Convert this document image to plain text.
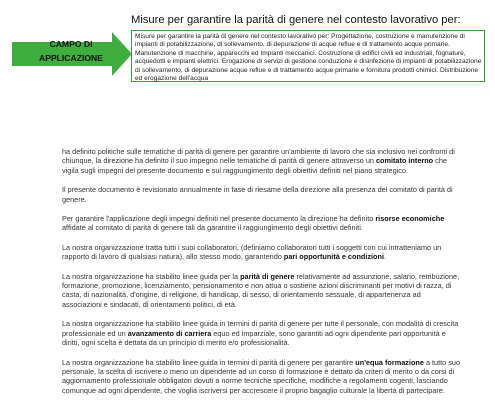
Misure per garantire la parità di genere nel contesto lavorativo per:
CAMPO DI
APPLICAZIONE
Misure per garantire la parità di genere nel contesto lavorativo per: Progettazione, costruzione e manutenzione di impianti di potabilizzazione, di sollevamento, di depurazione di acque reflue e di trattamento acque primarie. Manutenzione di macchine, apparecchi ed Impianti meccanici. Costruzione di edifici civili ed industriali, fognature, acquedotti e impianti elettrici. Erogazione di servizi di gestione conduzione e disinfezione di impianti di potabilizzazione di sollevamento, di depurazione acque reflue e di trattamento acque primarie e fornitura prodotti chimici. Distribuzione ed erogazione dell'acqua

ha definito politiche sulle tematiche di parità di genere per garantire un'ambiente di lavoro che sia inclusivo nei confronti di chiunque, la direzione ha definito il suo impegno nelle tematiche di parità di genere attraverso un comitato interno che vigila sugli impegni del presente documento e sul raggiungimento degli obiettivi definiti nel piano strategico.

Il presente documento è revisionato annualmente in fase di riesame della direzione alla presenza del comitato di parità di genere.

Per garantire l'applicazione degli impegni definiti nel presente documento la direzione ha definito risorse economiche affidate al comitato di parità di genere tali da garantire il raggiungimento degli obiettivi definiti.

La nostra organizzazione tratta tutti i suoi collaboratori, (definiamo collaboratori tutti i soggetti con cui intratteniamo un rapporto di lavoro di qualsiasi natura), allo stesso modo, garantendo pari opportunità e condizioni.

La nostra organizzazione ha stabilito linee guida per la parità di genere relativamente ad assunzione, salario, retribuzione, formazione, promozione, licenziamento, pensionamento e non attua o sostiene azioni discriminanti per motivi di razza, di casta, di nazionalità, d'origine, di religione, di handicap, di sesso, di orientamento sessuale, di appartenenza ad associazioni e sindacati, di orientamenti politici, di età.

La nostra organizzazione ha stabilito linee guida in termini di parità di genere per tutte il personale, con modalità di crescita professionale ed un avanzamento di carriera equo ed imparziale, sono garantiti ad ogni dipendente pari opportunità e diritti, ogni scelta è dettata da un principio di merito e/o professionalità.

La nostra organizzazione ha stabilito linee guida in termini di parità di genere per garantire un'equa formazione a tutto suo personale, la scelta di iscrivere o meno un dipendente ad un corso di formazione è dettato da criteri di merito o da corsi di aggiornamento professionale obbligatori dovuti a norme tecniche specifiche, modifiche a regolamenti cogenti, lasciando comunque ad ogni dipendente, che voglia iscriversi per accrescere il proprio bagaglio culturale la libertà di partecipare.
